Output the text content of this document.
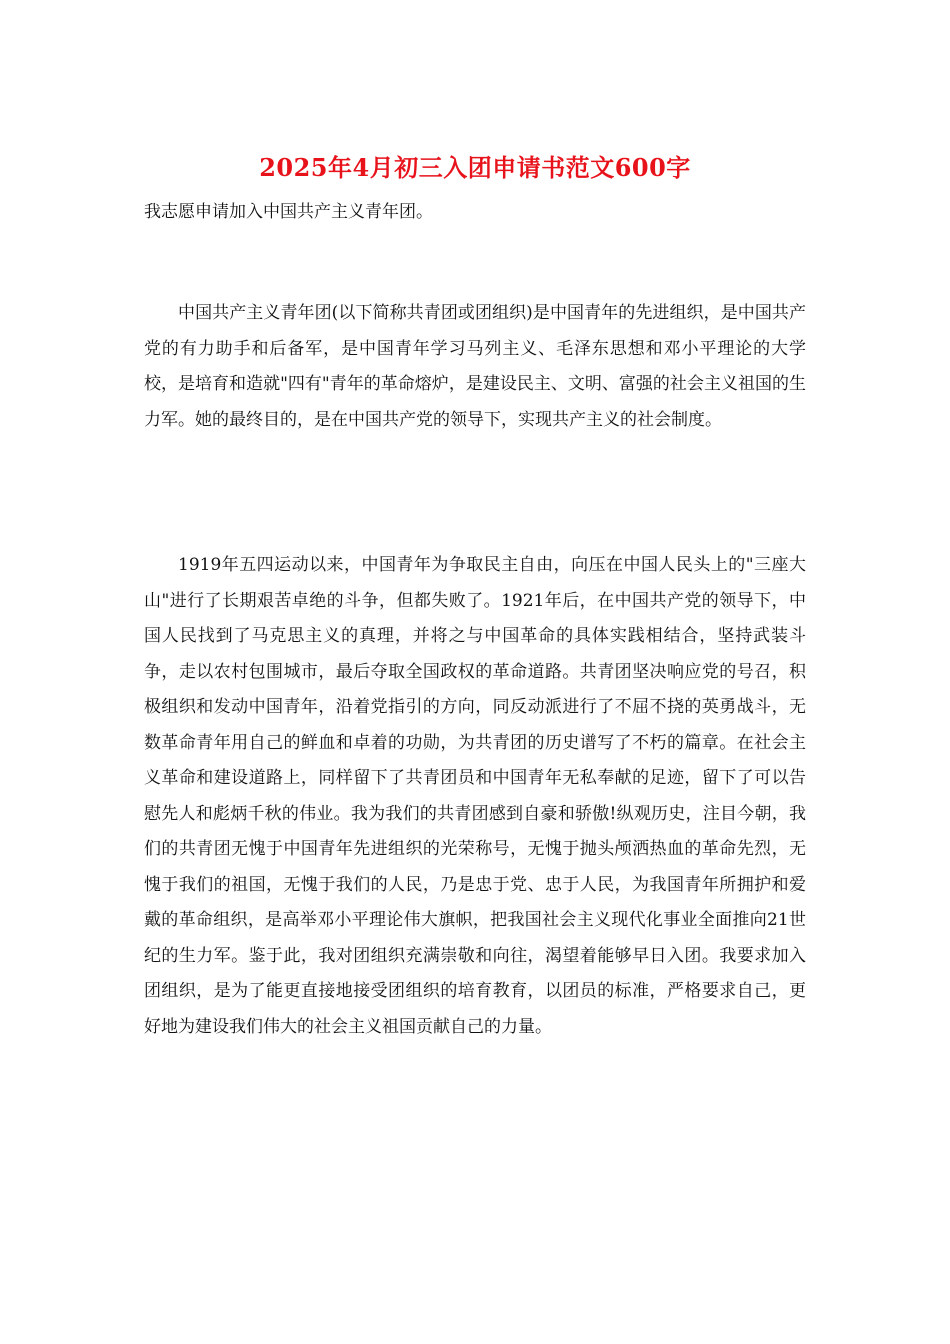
2025年4月初三入团申请书范文600字
我志愿申请加入中国共产主义青年团。

中国共产主义青年团(以下简称共青团或团组织)是中国青年的先进组织，是中国共产党的有力助手和后备军，是中国青年学习马列主义、毛泽东思想和邓小平理论的大学校，是培育和造就"四有"青年的革命熔炉，是建设民主、文明、富强的社会主义祖国的生力军。她的最终目的，是在中国共产党的领导下，实现共产主义的社会制度。

1919年五四运动以来，中国青年为争取民主自由，向压在中国人民头上的"三座大山"进行了长期艰苦卓绝的斗争，但都失败了。1921年后，在中国共产党的领导下，中国人民找到了马克思主义的真理，并将之与中国革命的具体实践相结合，坚持武装斗争，走以农村包围城市，最后夺取全国政权的革命道路。共青团坚决响应党的号召，积极组织和发动中国青年，沿着党指引的方向，同反动派进行了不屈不挠的英勇战斗，无数革命青年用自己的鲜血和卓着的功勋，为共青团的历史谱写了不朽的篇章。在社会主义革命和建设道路上，同样留下了共青团员和中国青年无私奉献的足迹，留下了可以告慰先人和彪炳千秋的伟业。我为我们的共青团感到自豪和骄傲!纵观历史，注目今朝，我们的共青团无愧于中国青年先进组织的光荣称号，无愧于抛头颅洒热血的革命先烈，无愧于我们的祖国，无愧于我们的人民，乃是忠于党、忠于人民，为我国青年所拥护和爱戴的革命组织，是高举邓小平理论伟大旗帜，把我国社会主义现代化事业全面推向21世纪的生力军。鉴于此，我对团组织充满崇敬和向往，渴望着能够早日入团。我要求加入团组织，是为了能更直接地接受团组织的培育教育，以团员的标准，严格要求自己，更好地为建设我们伟大的社会主义祖国贡献自己的力量。
